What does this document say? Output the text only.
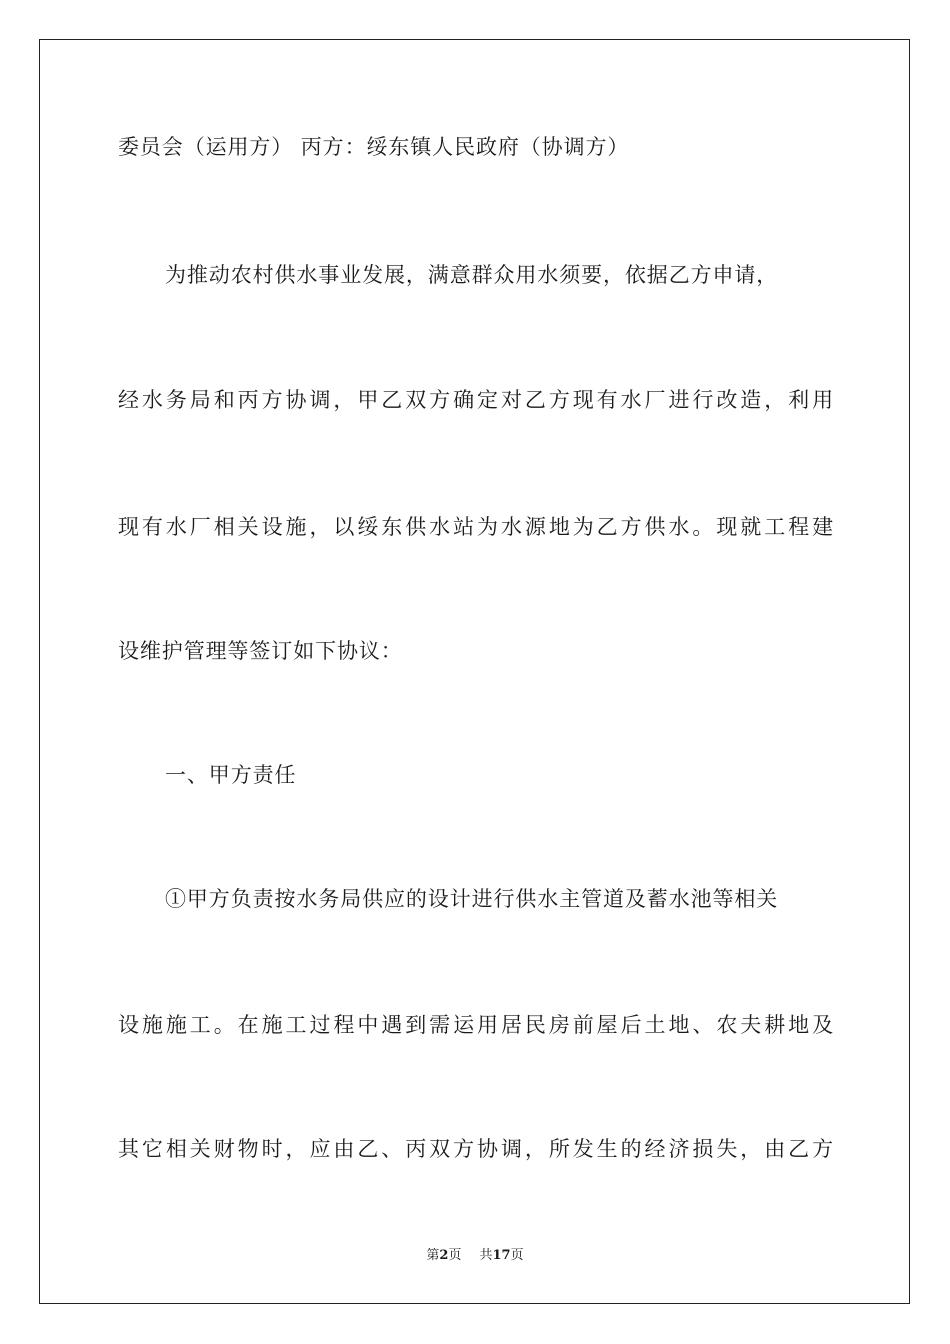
委员会（运用方） 丙方：绥东镇人民政府（协调方）
为推动农村供水事业发展，满意群众用水须要，依据乙方申请，
经水务局和丙方协调，甲乙双方确定对乙方现有水厂进行改造，利用
现有水厂相关设施，以绥东供水站为水源地为乙方供水。现就工程建
设维护管理等签订如下协议：
一、甲方责任
①甲方负责按水务局供应的设计进行供水主管道及蓄水池等相关
设施施工。在施工过程中遇到需运用居民房前屋后土地、农夫耕地及
其它相关财物时，应由乙、丙双方协调，所发生的经济损失，由乙方
第2页 共17页
